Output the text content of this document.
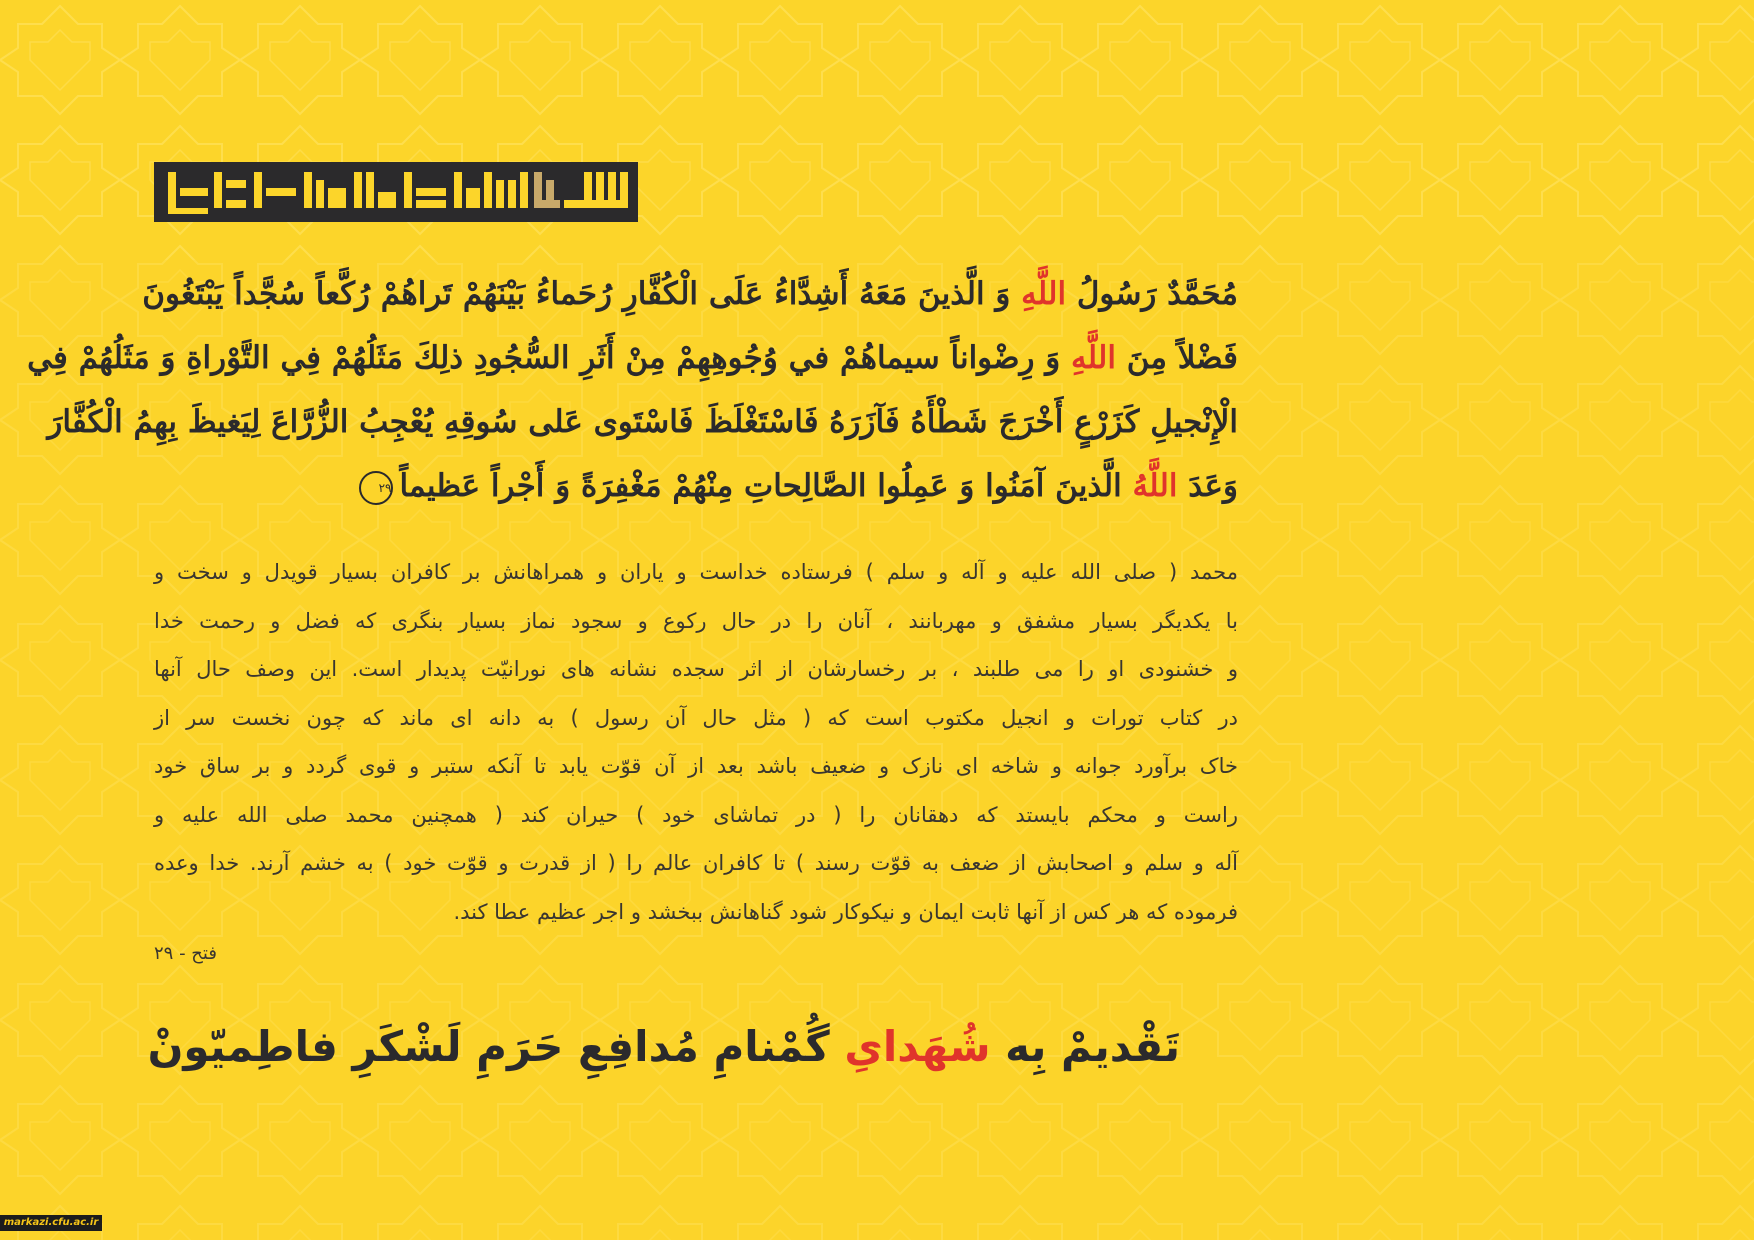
مُحَمَّدٌ رَسُولُ اللَّهِ وَ الَّذينَ مَعَهُ أَشِدَّاءُ عَلَى الْكُفَّارِ رُحَماءُ بَيْنَهُمْ تَراهُمْ رُكَّعاً سُجَّداً يَبْتَغُونَ
فَضْلاً مِنَ اللَّهِ وَ رِضْواناً سيماهُمْ في وُجُوهِهِمْ مِنْ أَثَرِ السُّجُودِ ذلِكَ مَثَلُهُمْ فِي التَّوْراةِ وَ مَثَلُهُمْ فِي
الْإِنْجيلِ كَزَرْعٍ أَخْرَجَ شَطْأَهُ فَآزَرَهُ فَاسْتَغْلَظَ فَاسْتَوى‏ عَلى‏ سُوقِهِ يُعْجِبُ الزُّرَّاعَ لِيَغيظَ بِهِمُ الْكُفَّارَ
وَعَدَ اللَّهُ الَّذينَ آمَنُوا وَ عَمِلُوا الصَّالِحاتِ مِنْهُمْ مَغْفِرَةً وَ أَجْراً عَظيماً۲۹
محمد ( صلی الله علیه و آله و سلم ) فرستاده خداست و یاران و همراهانش بر کافران بسیار قویدل و سخت و
با یکدیگر بسیار مشفق و مهربانند ، آنان را در حال رکوع و سجود نماز بسیار بنگری که فضل و رحمت خدا
و خشنودی او را می طلبند ، بر رخسارشان از اثر سجده نشانه های نورانیّت پدیدار است. این وصف حال آنها
در کتاب تورات و انجیل مکتوب است که ( مثل حال آن رسول ) به دانه ای ماند که چون نخست سر از
خاک برآورد جوانه و شاخه ای نازک و ضعیف باشد بعد از آن قوّت یابد تا آنکه ستبر و قوی گردد و بر ساق خود
راست و محکم بایستد که دهقانان را ( در تماشای خود ) حیران کند ( همچنین محمد صلی الله علیه و
آله و سلم و اصحابش از ضعف به قوّت رسند ) تا کافران عالم را ( از قدرت و قوّت خود ) به خشم آرند. خدا وعده
فرموده که هر کس از آنها ثابت ایمان و نیکوکار شود گناهانش ببخشد و اجر عظیم عطا کند.
فتح - ۲۹
تَقْدیمْ بِه شُهَدایِ گُمْنامِ مُدافِعِ حَرَمِ لَشْکَرِ فاطِمیّونْ
markazi.cfu.ac.ir
